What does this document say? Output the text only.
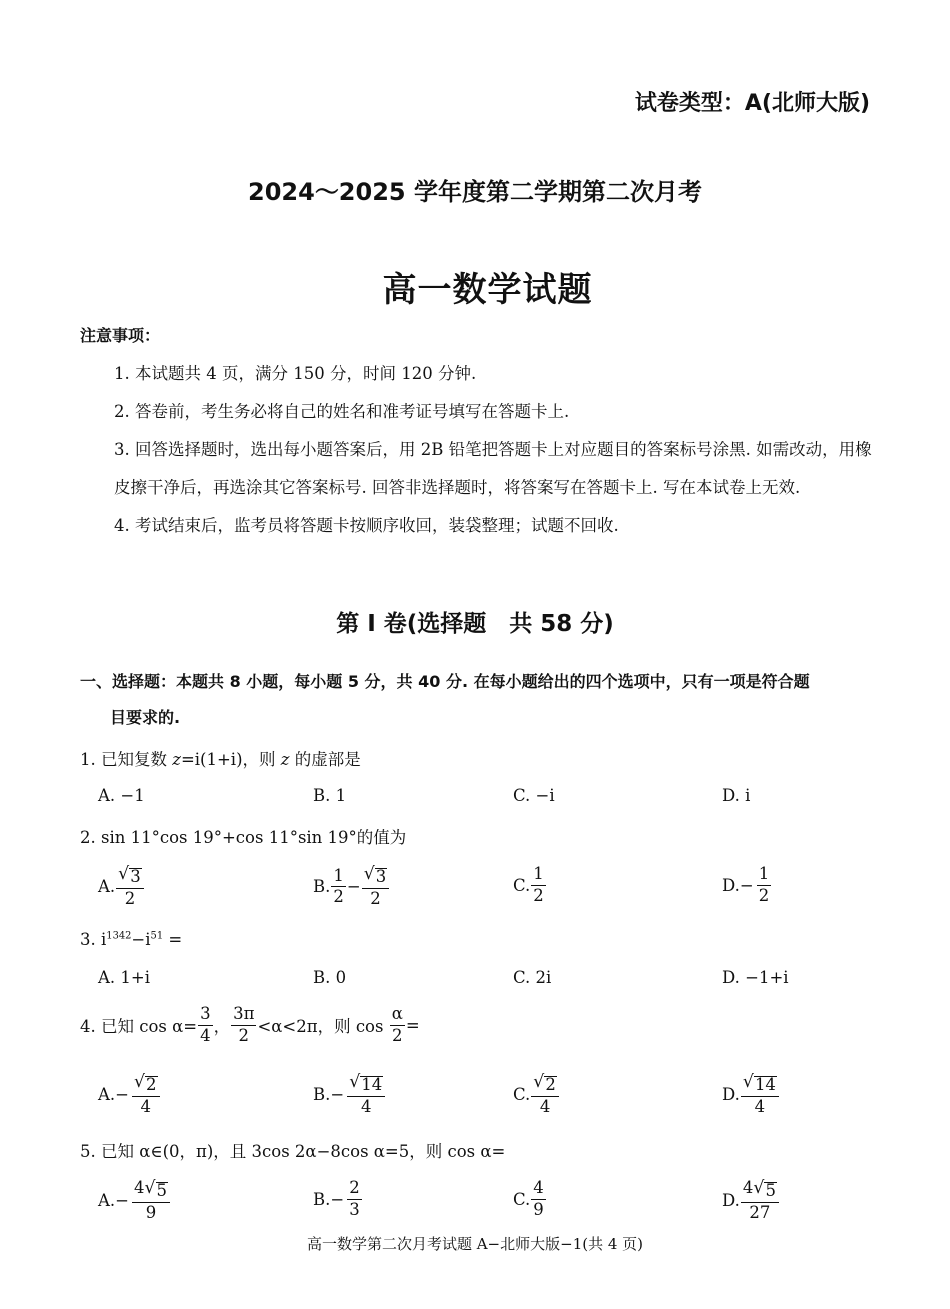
试卷类型：A(北师大版)
2024～2025 学年度第二学期第二次月考
高一数学试题
注意事项：
1. 本试题共 4 页，满分 150 分，时间 120 分钟.
2. 答卷前，考生务必将自己的姓名和准考证号填写在答题卡上.
3. 回答选择题时，选出每小题答案后，用 2B 铅笔把答题卡上对应题目的答案标号涂黑. 如需改动，用橡皮擦干净后，再选涂其它答案标号. 回答非选择题时，将答案写在答题卡上. 写在本试卷上无效.
4. 考试结束后，监考员将答题卡按顺序收回，装袋整理；试题不回收.
第 Ⅰ 卷(选择题　共 58 分)
一、选择题：本题共 8 小题，每小题 5 分，共 40 分. 在每小题给出的四个选项中，只有一项是符合题
目要求的.
1. 已知复数 z=i(1+i)，则 z 的虚部是
A. −1	B. 1	C. −i	D. i
2. sin 11°cos 19°+cos 11°sin 19°的值为
A. $\frac{√ 3}{2}$	B. $\frac{1}{2} - \frac{√ 3}{2}$	C. $\frac{1}{2}$	D. − $\frac{1}{2}$
3. $i^{1342}-i^{51}$ =
A. 1+i	B. 0	C. 2i	D. −1+i
4. 已知 $\cos \alpha= \frac{3}{4}$ ， $\frac{3\pi}{2} <\alpha<2\pi$，则 cos
$\frac{\alpha}{2}$ =
A. − $\frac{√ 2}{4}$	B. − $\frac{√ 14}{4}$	C. $\frac{√ 2}{4}$	D. $\frac{√ 14}{4}$
5. 已知 α∈(0，π)，且 3cos 2α−8cos α=5，则 cos α=
A. − $\frac{4 √ 5}{9}$	B. − $\frac{2}{3}$	C. $\frac{4}{9}$	D. $\frac{4 √ 5}{27}$
高一数学第二次月考试题 A−北师大版−1(共 4 页)
